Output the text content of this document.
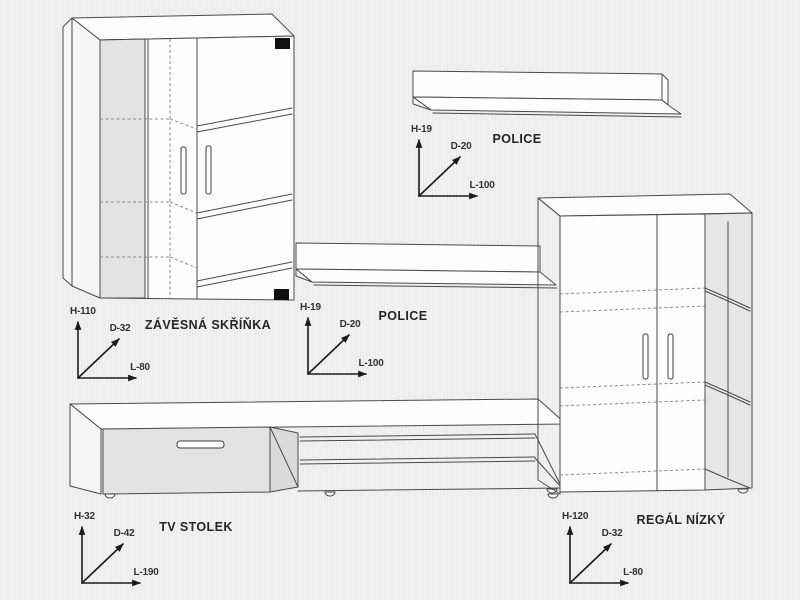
ZÁVĚSNÁ SKŘÍŇKA
POLICE
POLICE
TV STOLEK	REGÁL NÍZKÝ
H-110
D-32
L-80
H-19
D-20
L-100
H-19
D-20
L-100
H-32
D-42
L-190
H-120
D-32
L-80
